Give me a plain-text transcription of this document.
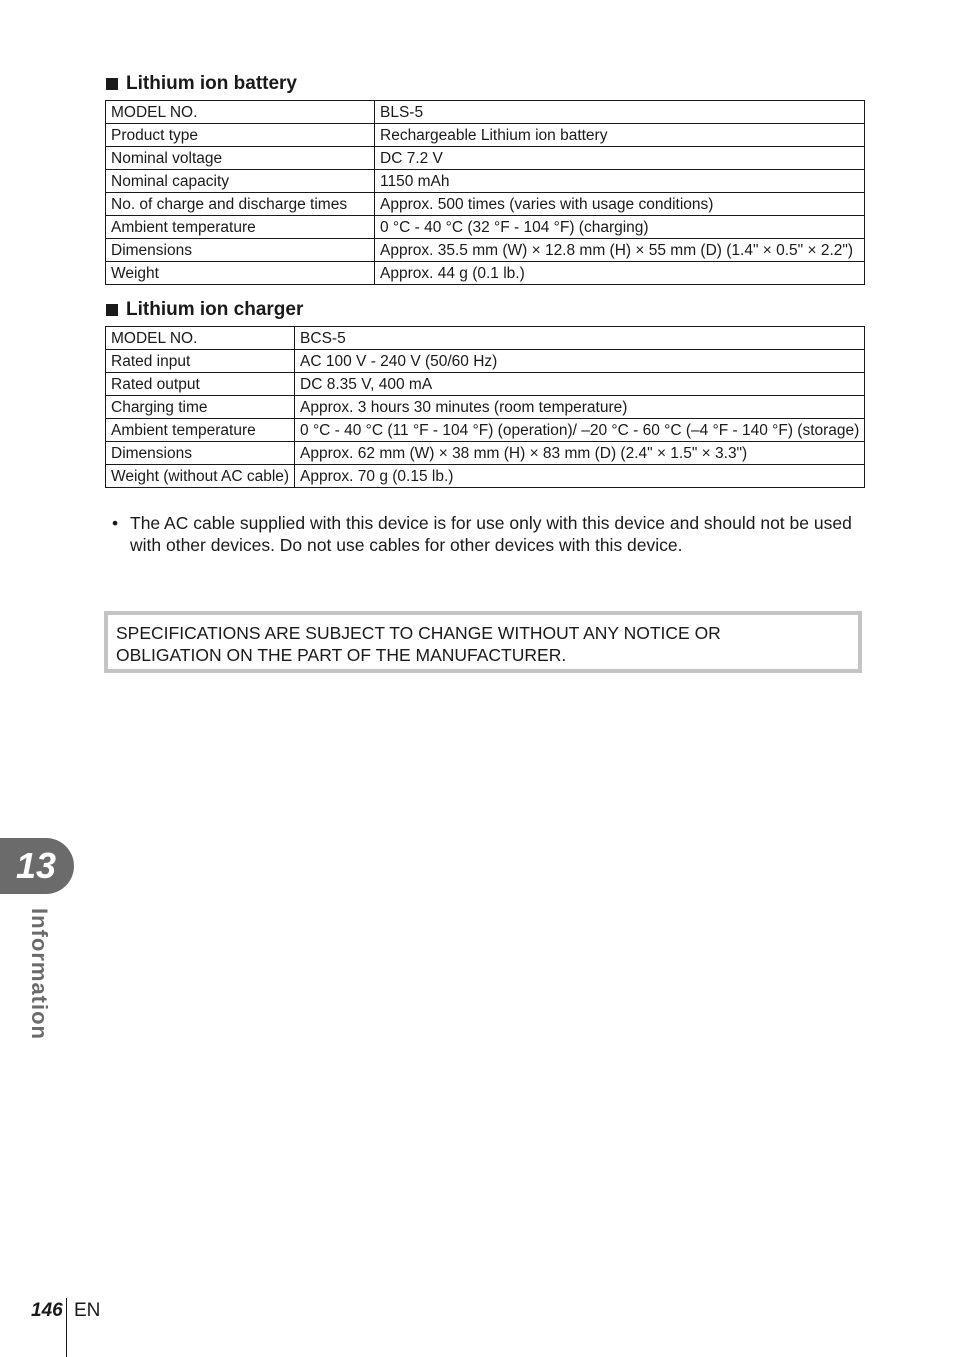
Lithium ion battery
MODEL NO.	BLS-5
Product type	Rechargeable Lithium ion battery
Nominal voltage	DC 7.2 V
Nominal capacity	1150 mAh
No. of charge and discharge times	Approx. 500 times (varies with usage conditions)
Ambient temperature	0 °C - 40 °C (32 °F - 104 °F) (charging)
Dimensions	Approx. 35.5 mm (W) × 12.8 mm (H) × 55 mm (D) (1.4" × 0.5" × 2.2")
Weight	Approx. 44 g (0.1 lb.)
Lithium ion charger
MODEL NO.	BCS-5
Rated input	AC 100 V - 240 V (50/60 Hz)
Rated output	DC 8.35 V, 400 mA
Charging time	Approx. 3 hours 30 minutes (room temperature)
Ambient temperature	0 °C - 40 °C (11 °F - 104 °F) (operation)/ –20 °C - 60 °C (–4 °F - 140 °F) (storage)
Dimensions	Approx. 62 mm (W) × 38 mm (H) × 83 mm (D) (2.4" × 1.5" × 3.3")
Weight (without AC cable)	Approx. 70 g (0.15 lb.)
• The AC cable supplied with this device is for use only with this device and should not be used with other devices. Do not use cables for other devices with this device.
SPECIFICATIONS ARE SUBJECT TO CHANGE WITHOUT ANY NOTICE OR
OBLIGATION ON THE PART OF THE MANUFACTURER.
13
Information
146 EN
